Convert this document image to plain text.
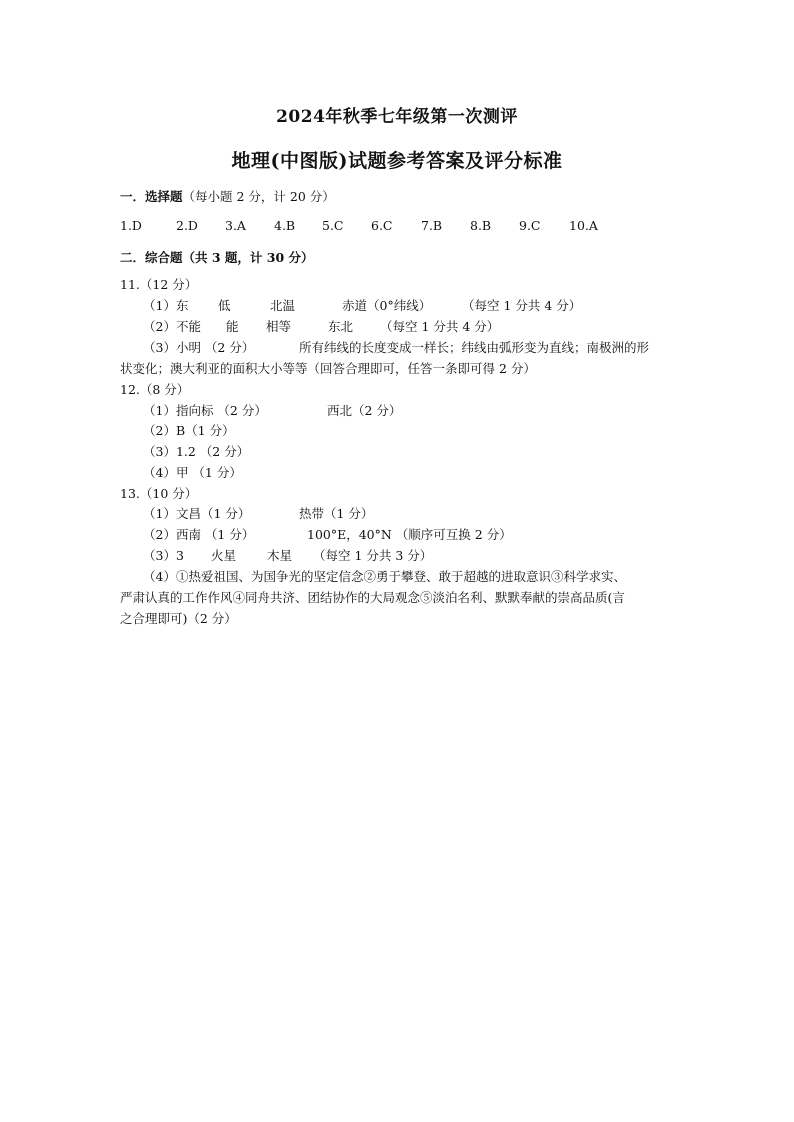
2024年秋季七年级第一次测评
地理(中图版)试题参考答案及评分标准
一．选择题（每小题 2 分，计 20 分）
1.D	2.D 3.A 4.B 5.C 6.C 7.B 8.B 9.C 10.A
二．综合题（共 3 题，计 30 分）
11.（12 分）
（1）东 低	北温	赤道（0°纬线） （每空 1 分共 4 分）
（2）不能 能 相等	东北 （每空 1 分共 4 分）
（3）小明 （2 分）	所有纬线的长度变成一样长；纬线由弧形变为直线；南极洲的形
状变化；澳大利亚的面积大小等等（回答合理即可，任答一条即可得 2 分）
12.（8 分）
（1）指向标 （2 分）	西北（2 分）
（2）B（1 分）
（3）1.2 （2 分）
（4）甲 （1 分）
13.（10 分）
（1）文昌（1 分）	热带（1 分）
（2）西南 （1 分）	100°E，40°N （顺序可互换 2 分）
（3）3 火星 木星 （每空 1 分共 3 分）
（4）①热爱祖国、为国争光的坚定信念②勇于攀登、敢于超越的进取意识③科学求实、
严肃认真的工作作风④同舟共济、团结协作的大局观念⑤淡泊名利、默默奉献的崇高品质(言
之合理即可)（2 分）
